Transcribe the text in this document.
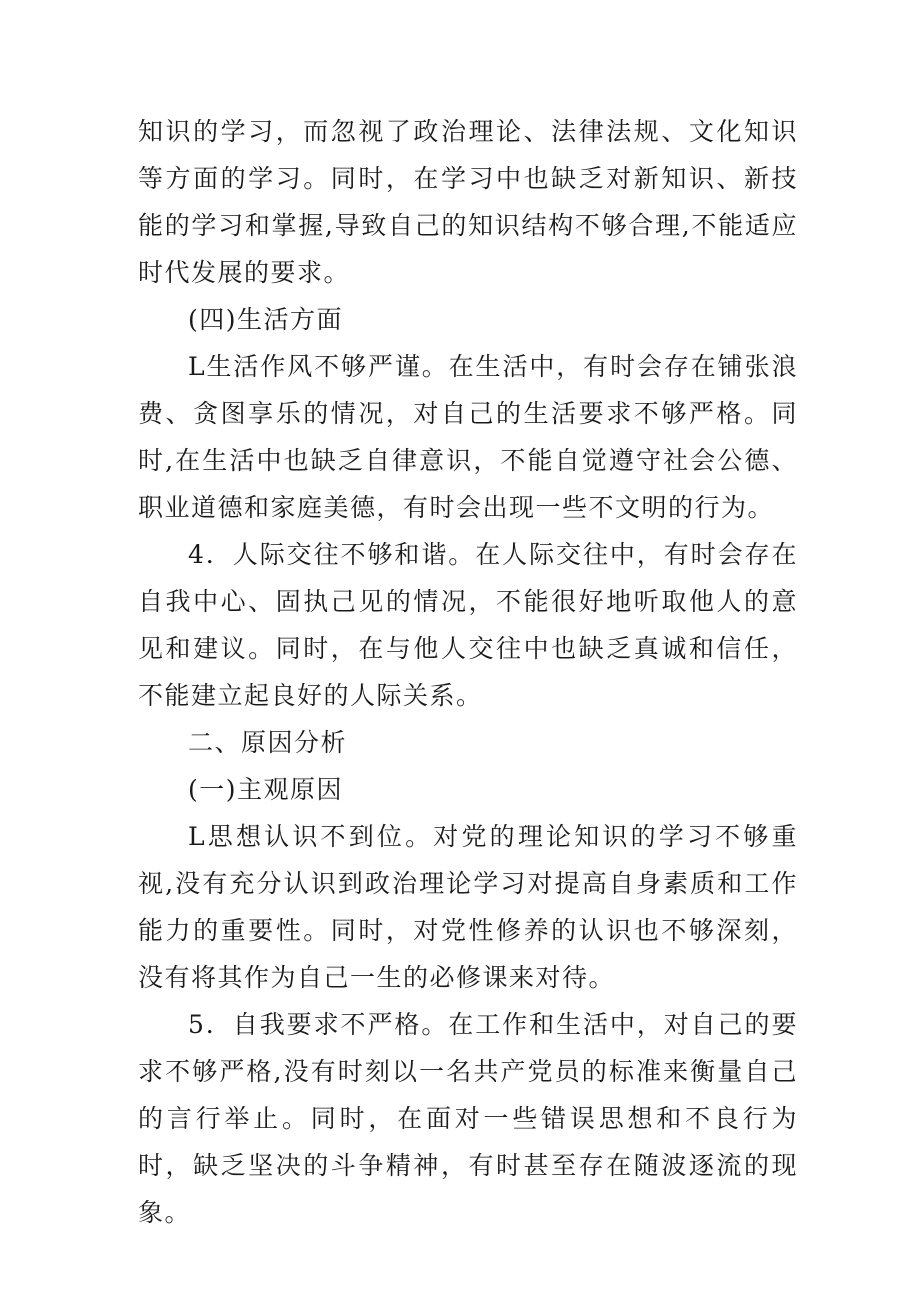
知识的学习，而忽视了政治理论、法律法规、文化知识等方面的学习。同时，在学习中也缺乏对新知识、新技能的学习和掌握,导致自己的知识结构不够合理,不能适应时代发展的要求。

(四)生活方面

L生活作风不够严谨。在生活中，有时会存在铺张浪费、贪图享乐的情况，对自己的生活要求不够严格。同时,在生活中也缺乏自律意识，不能自觉遵守社会公德、职业道德和家庭美德，有时会出现一些不文明的行为。

4．人际交往不够和谐。在人际交往中，有时会存在自我中心、固执己见的情况，不能很好地听取他人的意见和建议。同时，在与他人交往中也缺乏真诚和信任，不能建立起良好的人际关系。

二、原因分析

(一)主观原因

L思想认识不到位。对党的理论知识的学习不够重视,没有充分认识到政治理论学习对提高自身素质和工作能力的重要性。同时，对党性修养的认识也不够深刻，没有将其作为自己一生的必修课来对待。

5．自我要求不严格。在工作和生活中，对自己的要求不够严格,没有时刻以一名共产党员的标准来衡量自己的言行举止。同时，在面对一些错误思想和不良行为时，缺乏坚决的斗争精神，有时甚至存在随波逐流的现象。
